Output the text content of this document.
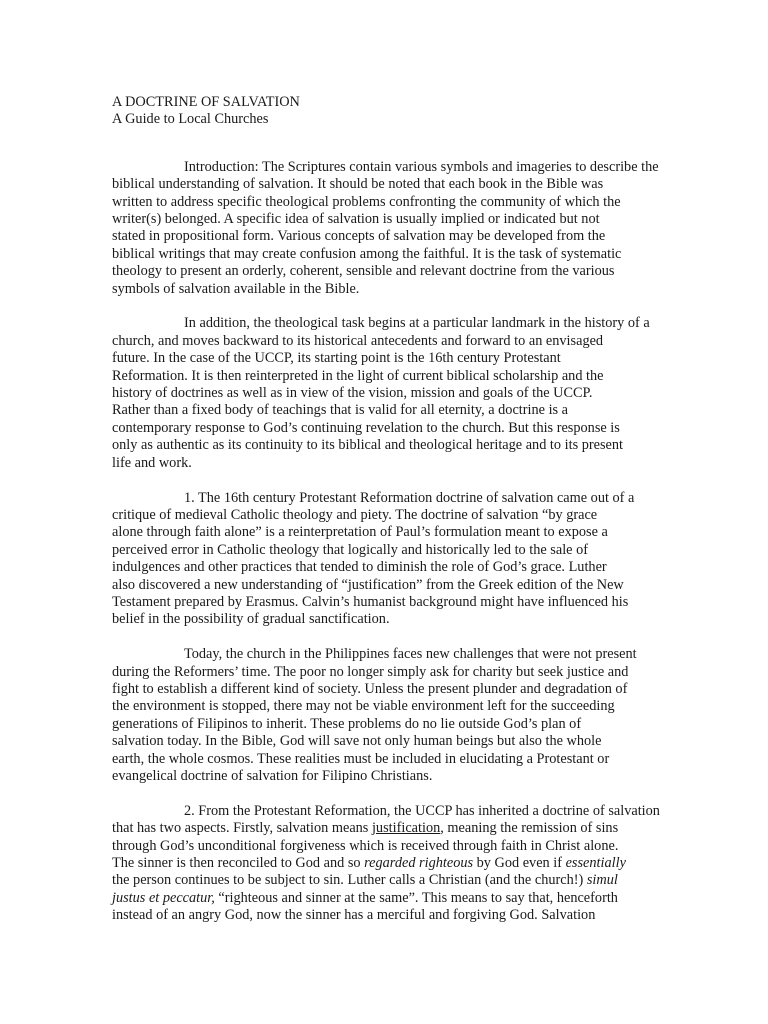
A DOCTRINE OF SALVATION
A Guide to Local Churches

Introduction: The Scriptures contain various symbols and imageries to describe the
biblical understanding of salvation. It should be noted that each book in the Bible was
written to address specific theological problems confronting the community of which the
writer(s) belonged. A specific idea of salvation is usually implied or indicated but not
stated in propositional form. Various concepts of salvation may be developed from the
biblical writings that may create confusion among the faithful. It is the task of systematic
theology to present an orderly, coherent, sensible and relevant doctrine from the various
symbols of salvation available in the Bible.

In addition, the theological task begins at a particular landmark in the history of a
church, and moves backward to its historical antecedents and forward to an envisaged
future. In the case of the UCCP, its starting point is the 16th century Protestant
Reformation. It is then reinterpreted in the light of current biblical scholarship and the
history of doctrines as well as in view of the vision, mission and goals of the UCCP.
Rather than a fixed body of teachings that is valid for all eternity, a doctrine is a
contemporary response to God’s continuing revelation to the church. But this response is
only as authentic as its continuity to its biblical and theological heritage and to its present
life and work.

1. The 16th century Protestant Reformation doctrine of salvation came out of a
critique of medieval Catholic theology and piety. The doctrine of salvation “by grace
alone through faith alone” is a reinterpretation of Paul’s formulation meant to expose a
perceived error in Catholic theology that logically and historically led to the sale of
indulgences and other practices that tended to diminish the role of God’s grace. Luther
also discovered a new understanding of “justification” from the Greek edition of the New
Testament prepared by Erasmus. Calvin’s humanist background might have influenced his
belief in the possibility of gradual sanctification.

Today, the church in the Philippines faces new challenges that were not present
during the Reformers’ time. The poor no longer simply ask for charity but seek justice and
fight to establish a different kind of society. Unless the present plunder and degradation of
the environment is stopped, there may not be viable environment left for the succeeding
generations of Filipinos to inherit. These problems do no lie outside God’s plan of
salvation today. In the Bible, God will save not only human beings but also the whole
earth, the whole cosmos. These realities must be included in elucidating a Protestant or
evangelical doctrine of salvation for Filipino Christians.

2. From the Protestant Reformation, the UCCP has inherited a doctrine of salvation
that has two aspects. Firstly, salvation means justification, meaning the remission of sins
through God’s unconditional forgiveness which is received through faith in Christ alone.
The sinner is then reconciled to God and so regarded righteous by God even if essentially
the person continues to be subject to sin. Luther calls a Christian (and the church!) simul
justus et peccatur, “righteous and sinner at the same”. This means to say that, henceforth
instead of an angry God, now the sinner has a merciful and forgiving God. Salvation
